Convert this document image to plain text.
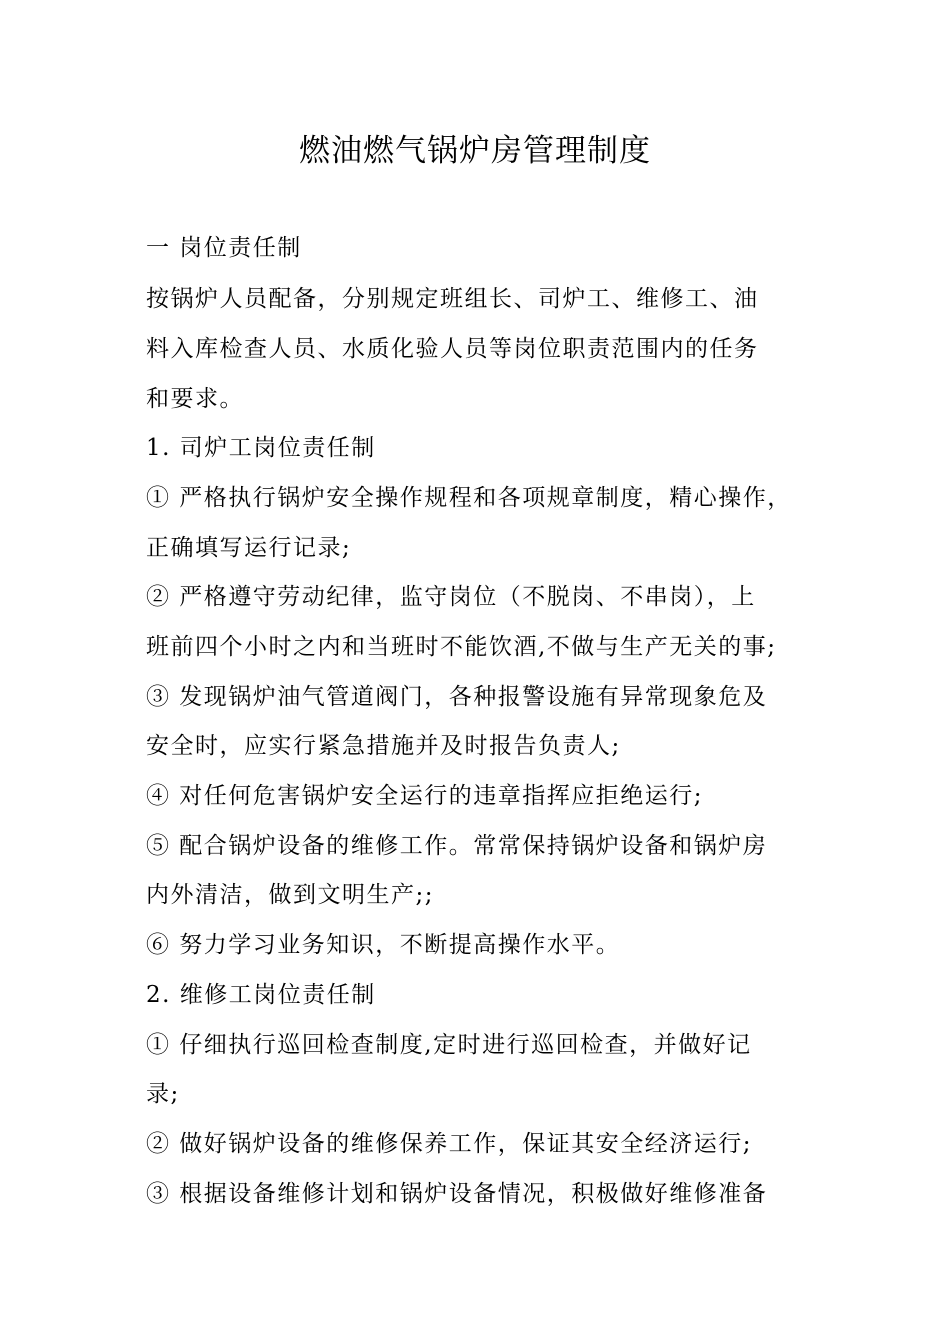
燃油燃气锅炉房管理制度
一 岗位责任制
按锅炉人员配备，分别规定班组长、司炉工、维修工、油
料入库检查人员、水质化验人员等岗位职责范围内的任务
和要求。
1. 司炉工岗位责任制
① 严格执行锅炉安全操作规程和各项规章制度，精心操作，
正确填写运行记录;
② 严格遵守劳动纪律，监守岗位（不脱岗、不串岗），上
班前四个小时之内和当班时不能饮酒,不做与生产无关的事;
③ 发现锅炉油气管道阀门，各种报警设施有异常现象危及
安全时，应实行紧急措施并及时报告负责人;
④ 对任何危害锅炉安全运行的违章指挥应拒绝运行;
⑤ 配合锅炉设备的维修工作。常常保持锅炉设备和锅炉房
内外清洁，做到文明生产;;
⑥ 努力学习业务知识，不断提高操作水平。
2. 维修工岗位责任制
① 仔细执行巡回检查制度,定时进行巡回检查，并做好记
录;
② 做好锅炉设备的维修保养工作，保证其安全经济运行;
③ 根据设备维修计划和锅炉设备情况，积极做好维修准备
